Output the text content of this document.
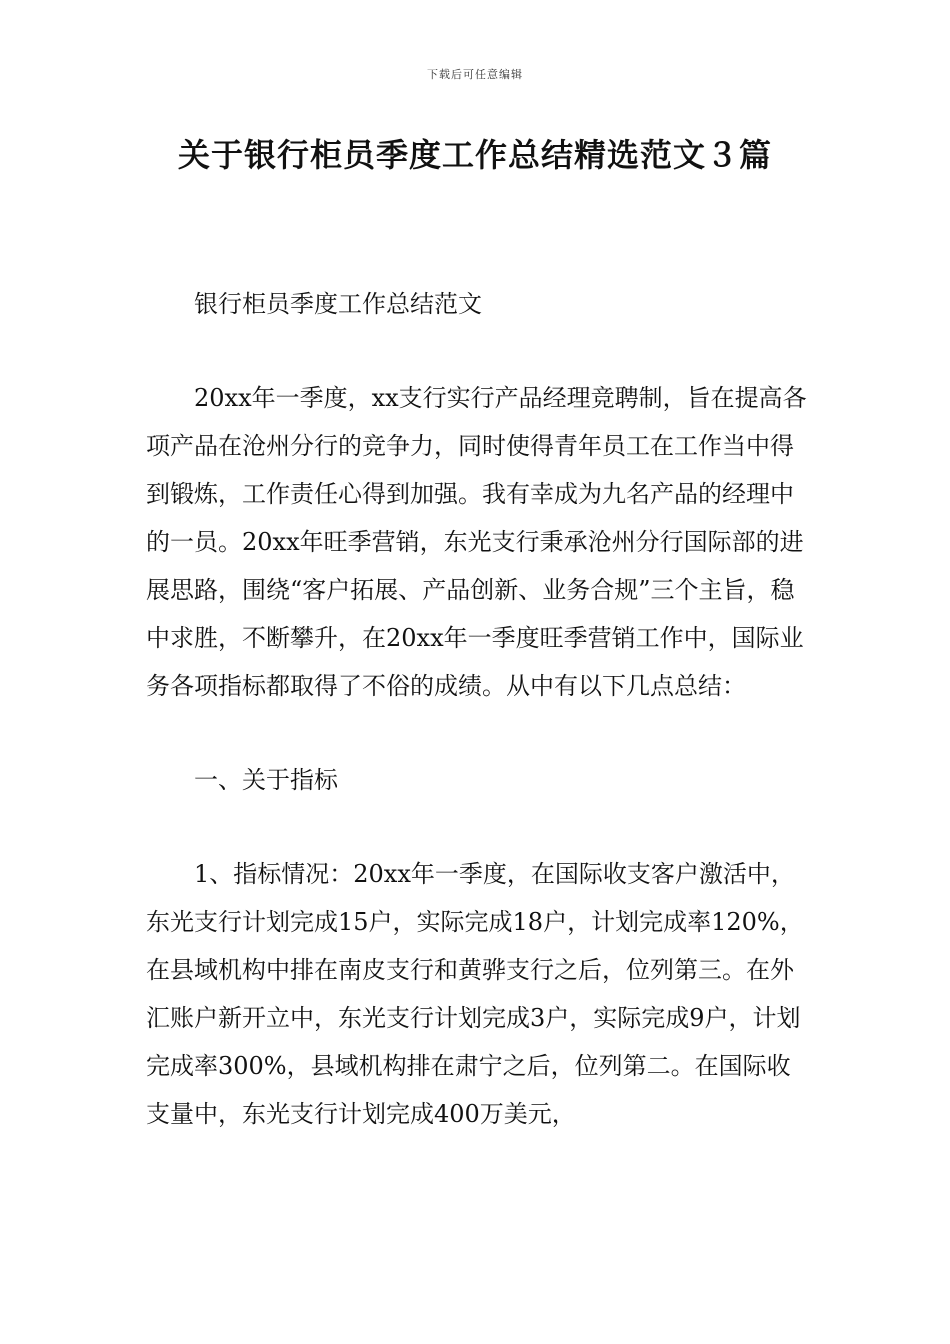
下载后可任意编辑
关于银行柜员季度工作总结精选范文３篇

银行柜员季度工作总结范文

20xx年一季度，xx支行实行产品经理竞聘制，旨在提高各项产品在沧州分行的竞争力，同时使得青年员工在工作当中得到锻炼，工作责任心得到加强。我有幸成为九名产品的经理中的一员。20xx年旺季营销，东光支行秉承沧州分行国际部的进展思路，围绕“客户拓展、产品创新、业务合规”三个主旨，稳中求胜，不断攀升，在20xx年一季度旺季营销工作中，国际业务各项指标都取得了不俗的成绩。从中有以下几点总结：

一、关于指标

1、指标情况：20xx年一季度，在国际收支客户激活中，东光支行计划完成15户，实际完成18户，计划完成率120%，在县域机构中排在南皮支行和黄骅支行之后，位列第三。在外汇账户新开立中，东光支行计划完成3户，实际完成9户，计划完成率300%，县域机构排在肃宁之后，位列第二。在国际收支量中，东光支行计划完成400万美元，
